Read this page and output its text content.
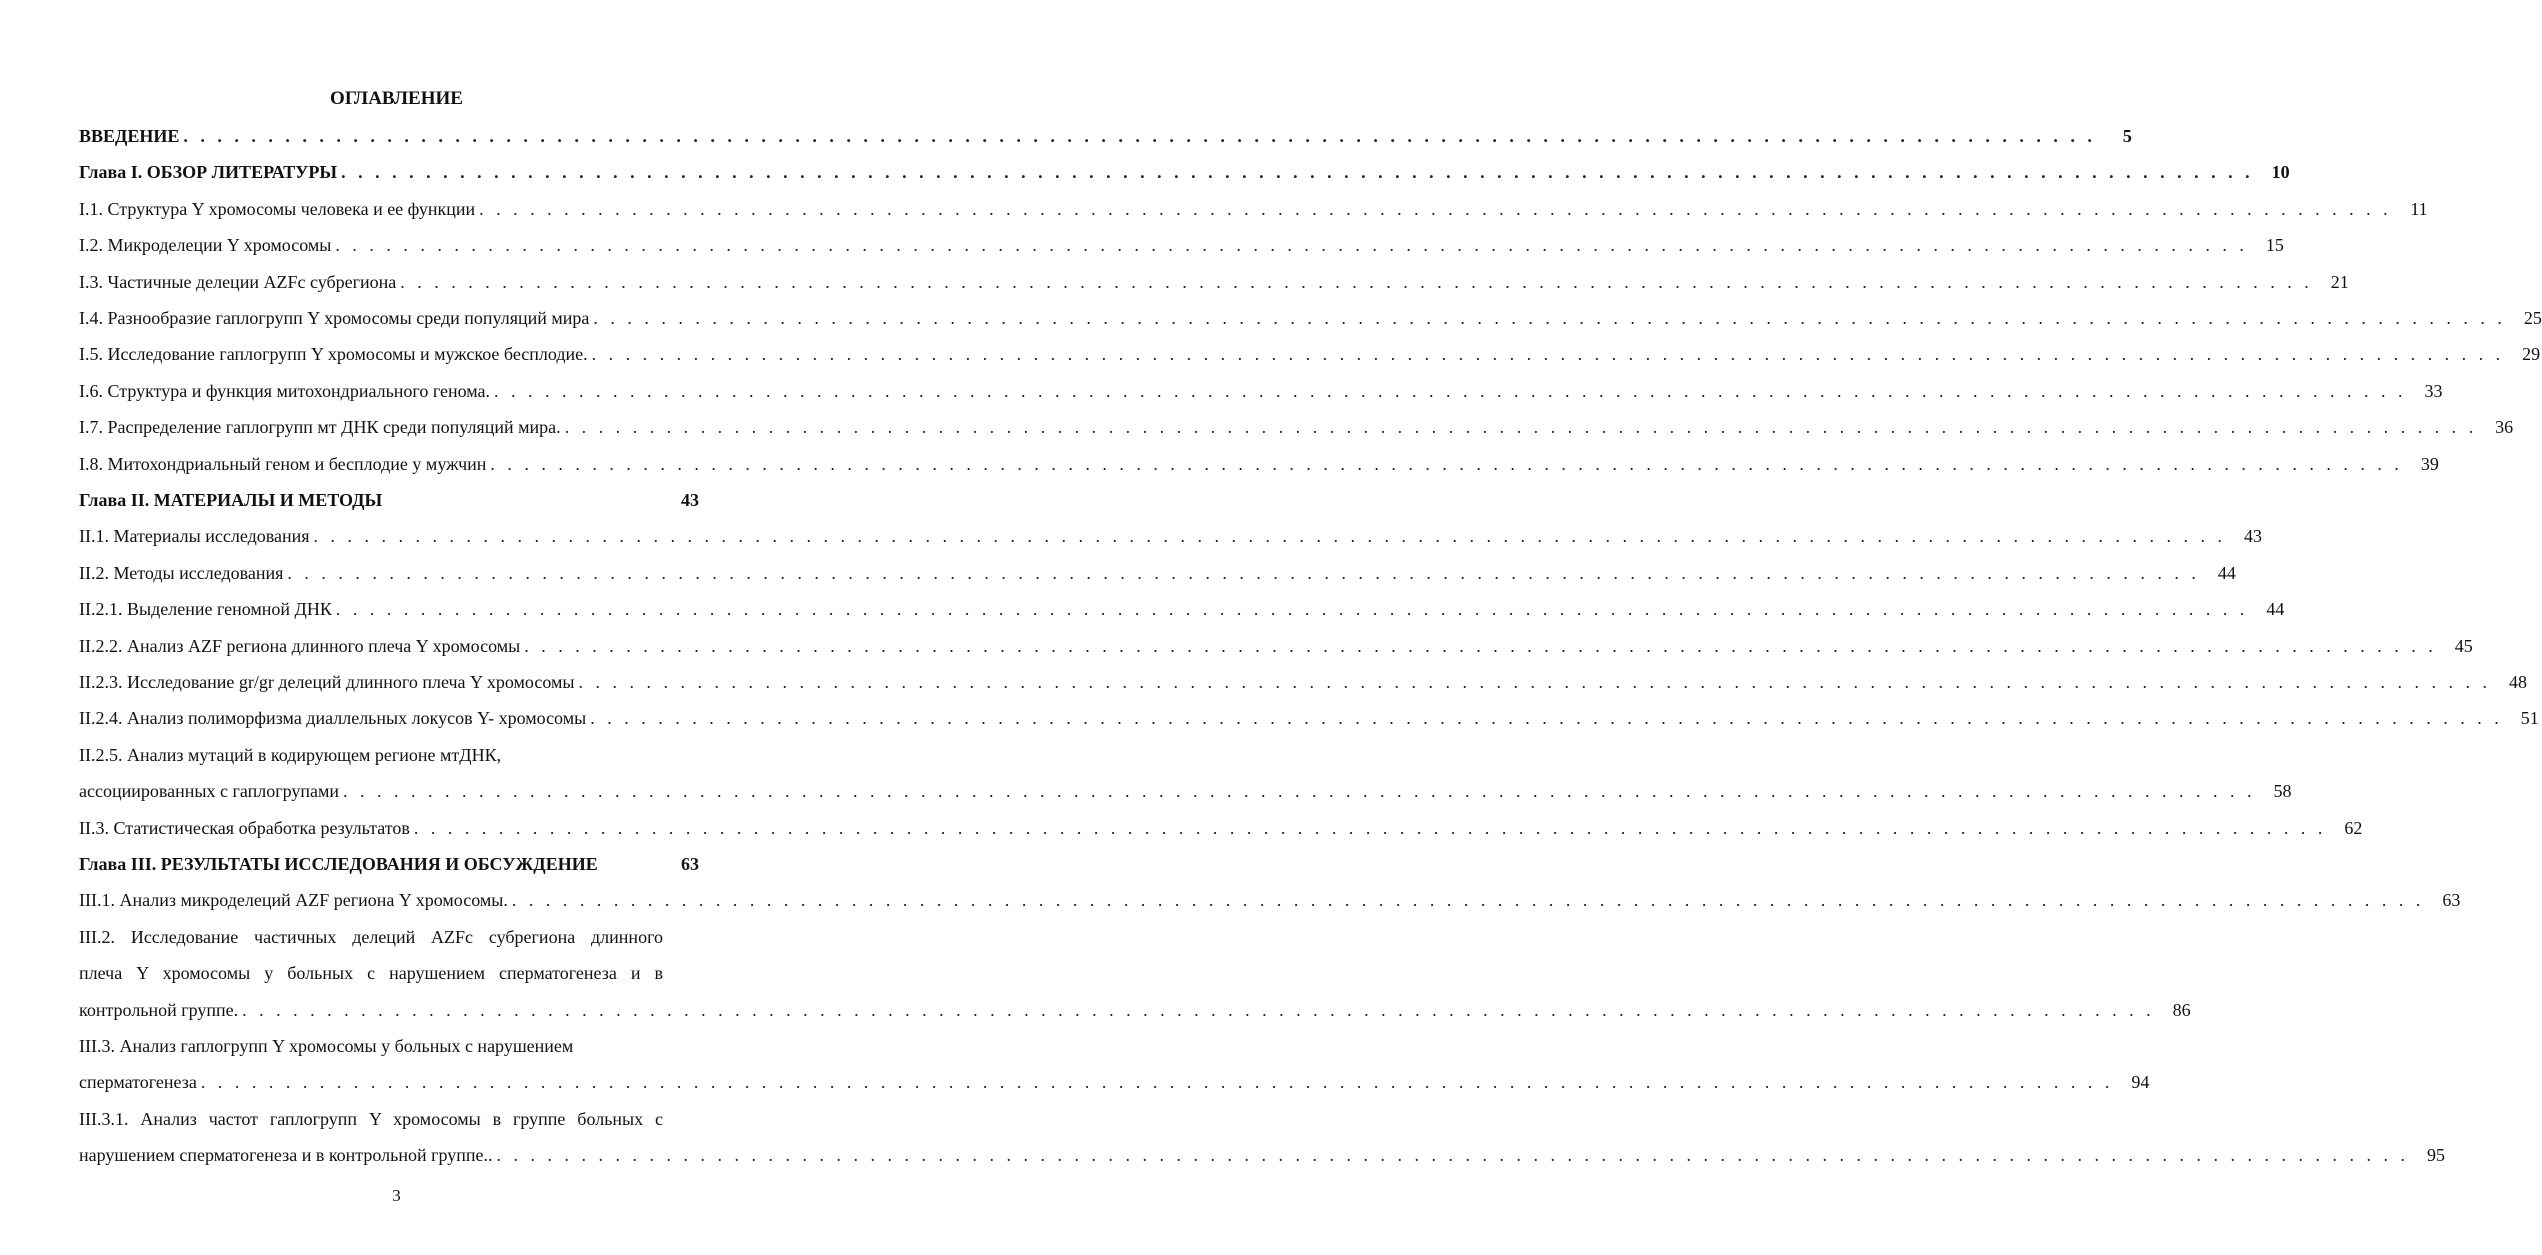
ОГЛАВЛЕНИЕ
ВВЕДЕНИЕ . . .	5
Глава I. ОБЗОР ЛИТЕРАТУРЫ . . .	10
I.1. Структура Y хромосомы человека и ее функции . . .	11
I.2. Микроделеции Y хромосомы . . .	15
I.3. Частичные делеции AZFc субрегиона . . .	21
I.4. Разнообразие гаплогрупп Y хромосомы среди популяций мира . . .	25
I.5. Исследование гаплогрупп Y хромосомы и мужское бесплодие. . . .	29
I.6. Структура и функция митохондриального генома. . . .	33
I.7. Распределение гаплогрупп мт ДНК среди популяций мира. . . .	36
I.8. Митохондриальный геном и бесплодие у мужчин . . .	39
Глава II. МАТЕРИАЛЫ И МЕТОДЫ	43
II.1. Материалы исследования . . .	43
II.2. Методы исследования . . .	44
II.2.1. Выделение геномной ДНК . . .	44
II.2.2. Анализ AZF региона длинного плеча Y хромосомы . . .	45
II.2.3. Исследование gr/gr делеций длинного плеча Y хромосомы . . .	48
II.2.4. Анализ полиморфизма диаллельных локусов Y- хромосомы . . .	51
II.2.5. Анализ мутаций в кодирующем регионе мтДНК,
ассоциированных с гаплогрупами . . .	58
II.3. Статистическая обработка результатов . . .	62
Глава III. РЕЗУЛЬТАТЫ ИССЛЕДОВАНИЯ И ОБСУЖДЕНИЕ	63
III.1. Анализ микроделеций AZF региона Y хромосомы. . . .	63
III.2. Исследование частичных делеций AZFc субрегиона длинного
плеча Y хромосомы у больных с нарушением сперматогенеза и в
контрольной группе. . . .	86
III.3. Анализ гаплогрупп Y хромосомы у больных с нарушением
сперматогенеза . . .	94
III.3.1. Анализ частот гаплогрупп Y хромосомы в группе больных с
нарушением сперматогенеза и в контрольной группе.. . . .	95
3
